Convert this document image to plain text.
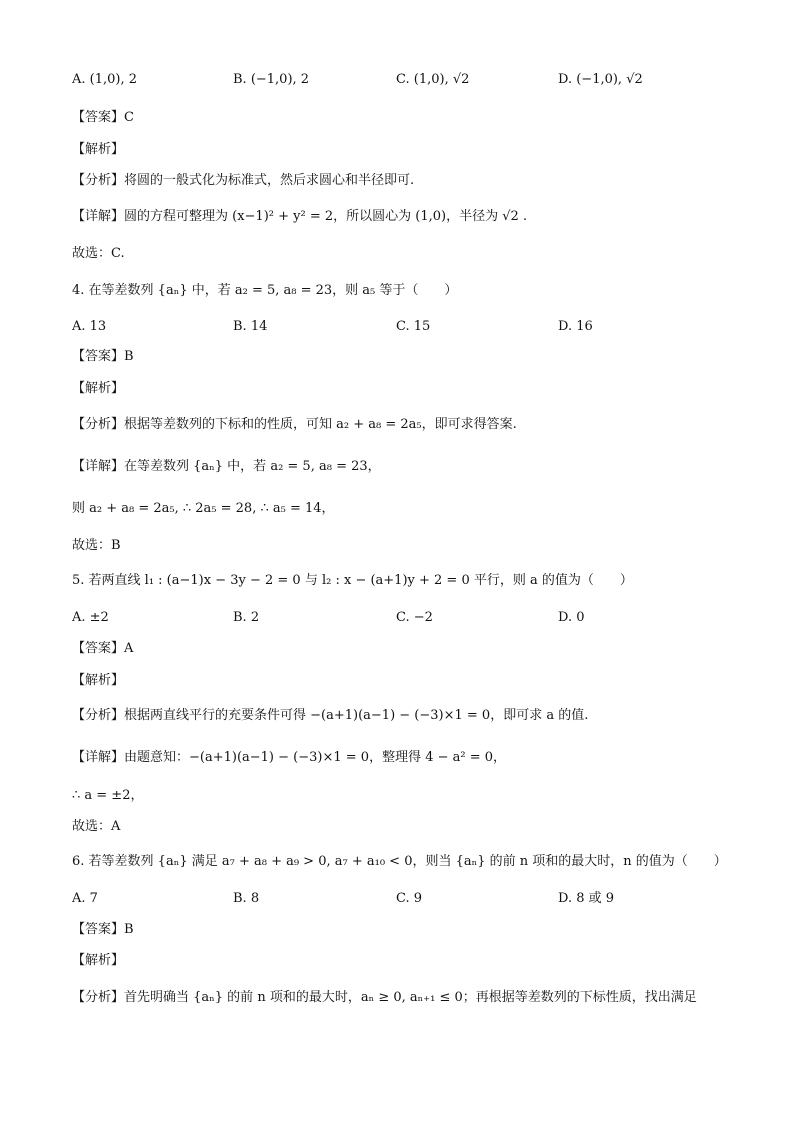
A. (1,0), 2	B. (−1,0), 2	C. (1,0), √2	D. (−1,0), √2
【答案】C
【解析】
【分析】将圆的一般式化为标准式，然后求圆心和半径即可.
【详解】圆的方程可整理为 (x−1)² + y² = 2，所以圆心为 (1,0)，半径为 √2 .
故选：C.
4. 在等差数列 {aₙ} 中，若 a₂ = 5, a₈ = 23，则 a₅ 等于（　　）
A. 13	B. 14	C. 15	D. 16
【答案】B
【解析】
【分析】根据等差数列的下标和的性质，可知 a₂ + a₈ = 2a₅，即可求得答案.
【详解】在等差数列 {aₙ} 中，若 a₂ = 5, a₈ = 23，
则 a₂ + a₈ = 2a₅, ∴ 2a₅ = 28, ∴ a₅ = 14，
故选：B
5. 若两直线 l₁ : (a−1)x − 3y − 2 = 0 与 l₂ : x − (a+1)y + 2 = 0 平行，则 a 的值为（　　）
A. ±2	B. 2	C. −2	D. 0
【答案】A
【解析】
【分析】根据两直线平行的充要条件可得 −(a+1)(a−1) − (−3)×1 = 0，即可求 a 的值.
【详解】由题意知：−(a+1)(a−1) − (−3)×1 = 0，整理得 4 − a² = 0，
∴ a = ±2，
故选：A
6. 若等差数列 {aₙ} 满足 a₇ + a₈ + a₉ > 0, a₇ + a₁₀ < 0，则当 {aₙ} 的前 n 项和的最大时，n 的值为（　　）
A. 7	B. 8	C. 9	D. 8 或 9
【答案】B
【解析】
【分析】首先明确当 {aₙ} 的前 n 项和的最大时，aₙ ≥ 0, aₙ₊₁ ≤ 0；再根据等差数列的下标性质，找出满足
